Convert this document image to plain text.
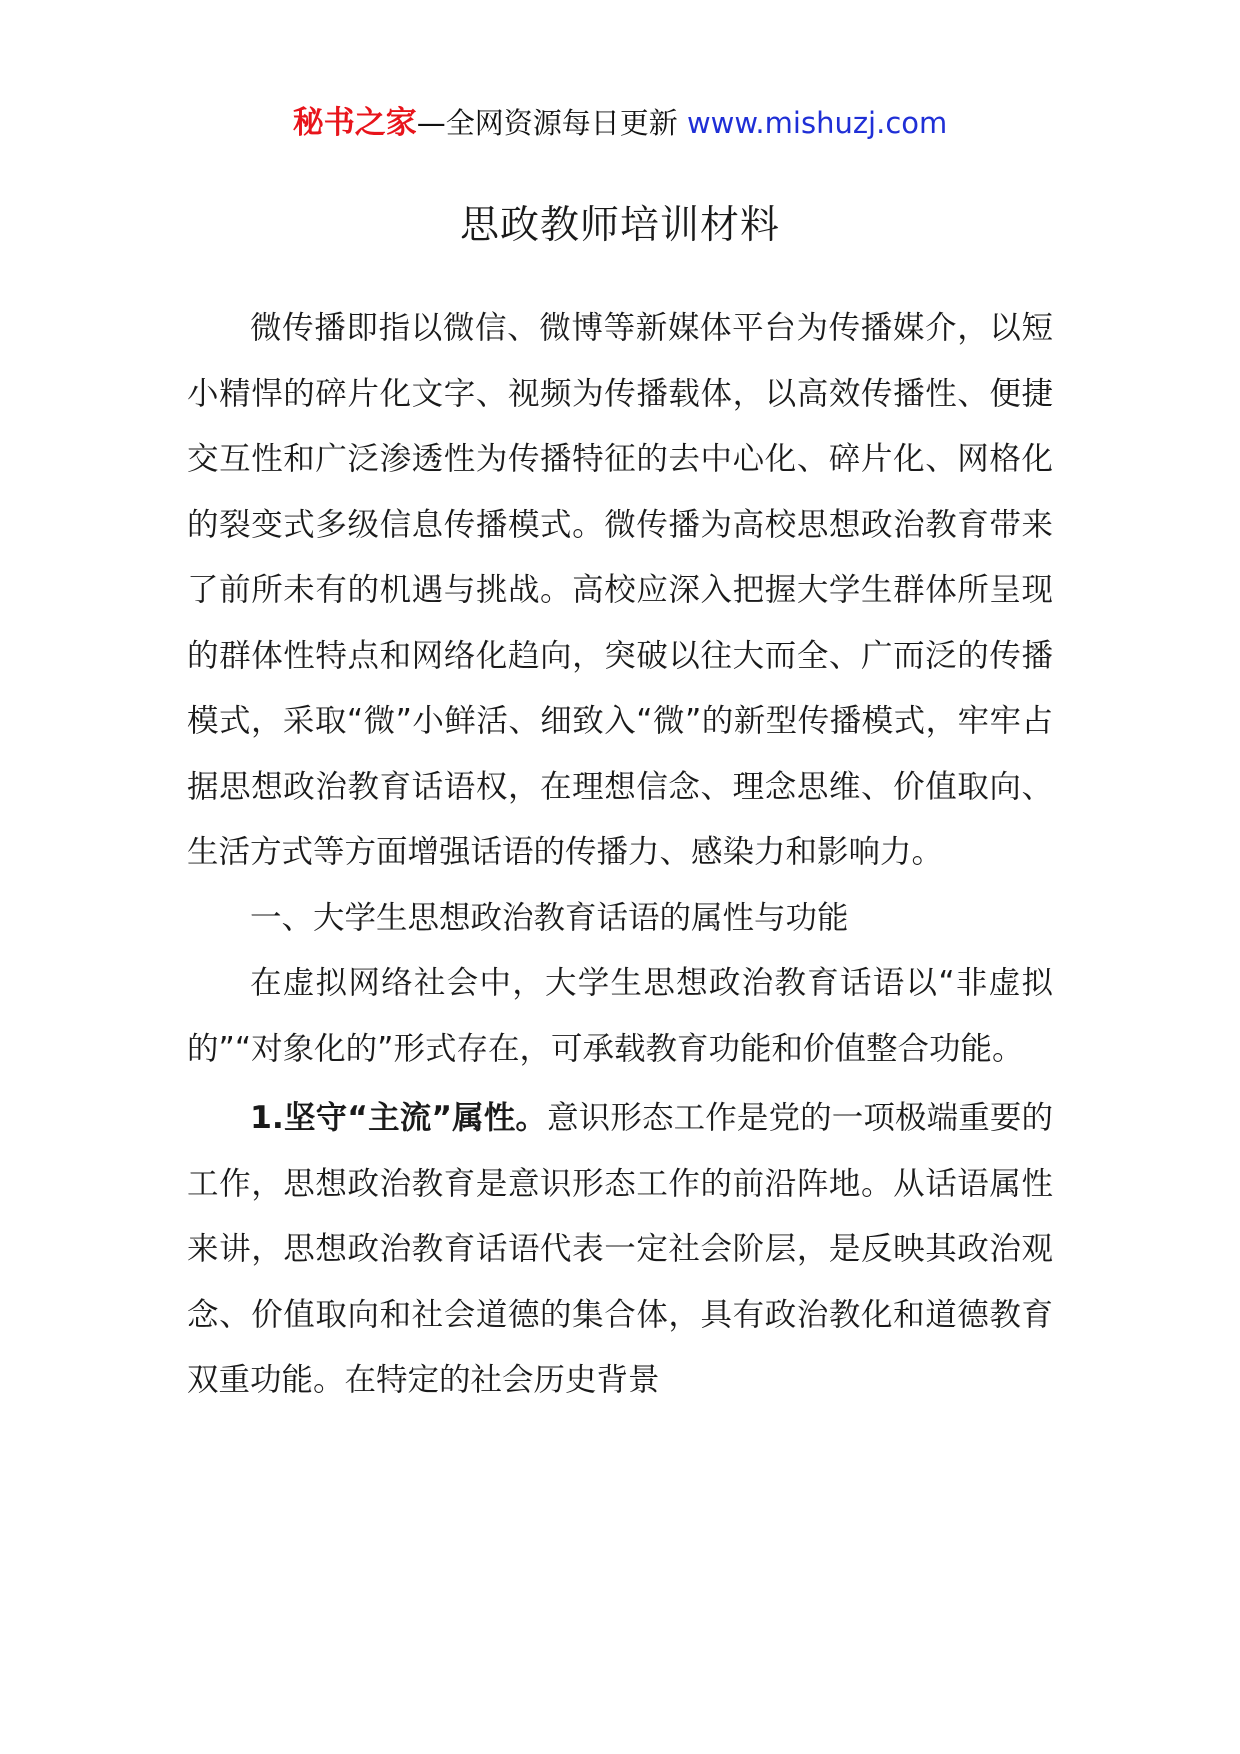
秘书之家—全网资源每日更新 www.mishuzj.com
思政教师培训材料

微传播即指以微信、微博等新媒体平台为传播媒介，以短小精悍的碎片化文字、视频为传播载体，以高效传播性、便捷交互性和广泛渗透性为传播特征的去中心化、碎片化、网格化的裂变式多级信息传播模式。微传播为高校思想政治教育带来了前所未有的机遇与挑战。高校应深入把握大学生群体所呈现的群体性特点和网络化趋向，突破以往大而全、广而泛的传播模式，采取“微”小鲜活、细致入“微”的新型传播模式，牢牢占据思想政治教育话语权，在理想信念、理念思维、价值取向、生活方式等方面增强话语的传播力、感染力和影响力。

一、大学生思想政治教育话语的属性与功能

在虚拟网络社会中，大学生思想政治教育话语以“非虚拟的”“对象化的”形式存在，可承载教育功能和价值整合功能。

1.坚守“主流”属性。意识形态工作是党的一项极端重要的工作，思想政治教育是意识形态工作的前沿阵地。从话语属性来讲，思想政治教育话语代表一定社会阶层，是反映其政治观念、价值取向和社会道德的集合体，具有政治教化和道德教育双重功能。在特定的社会历史背景
